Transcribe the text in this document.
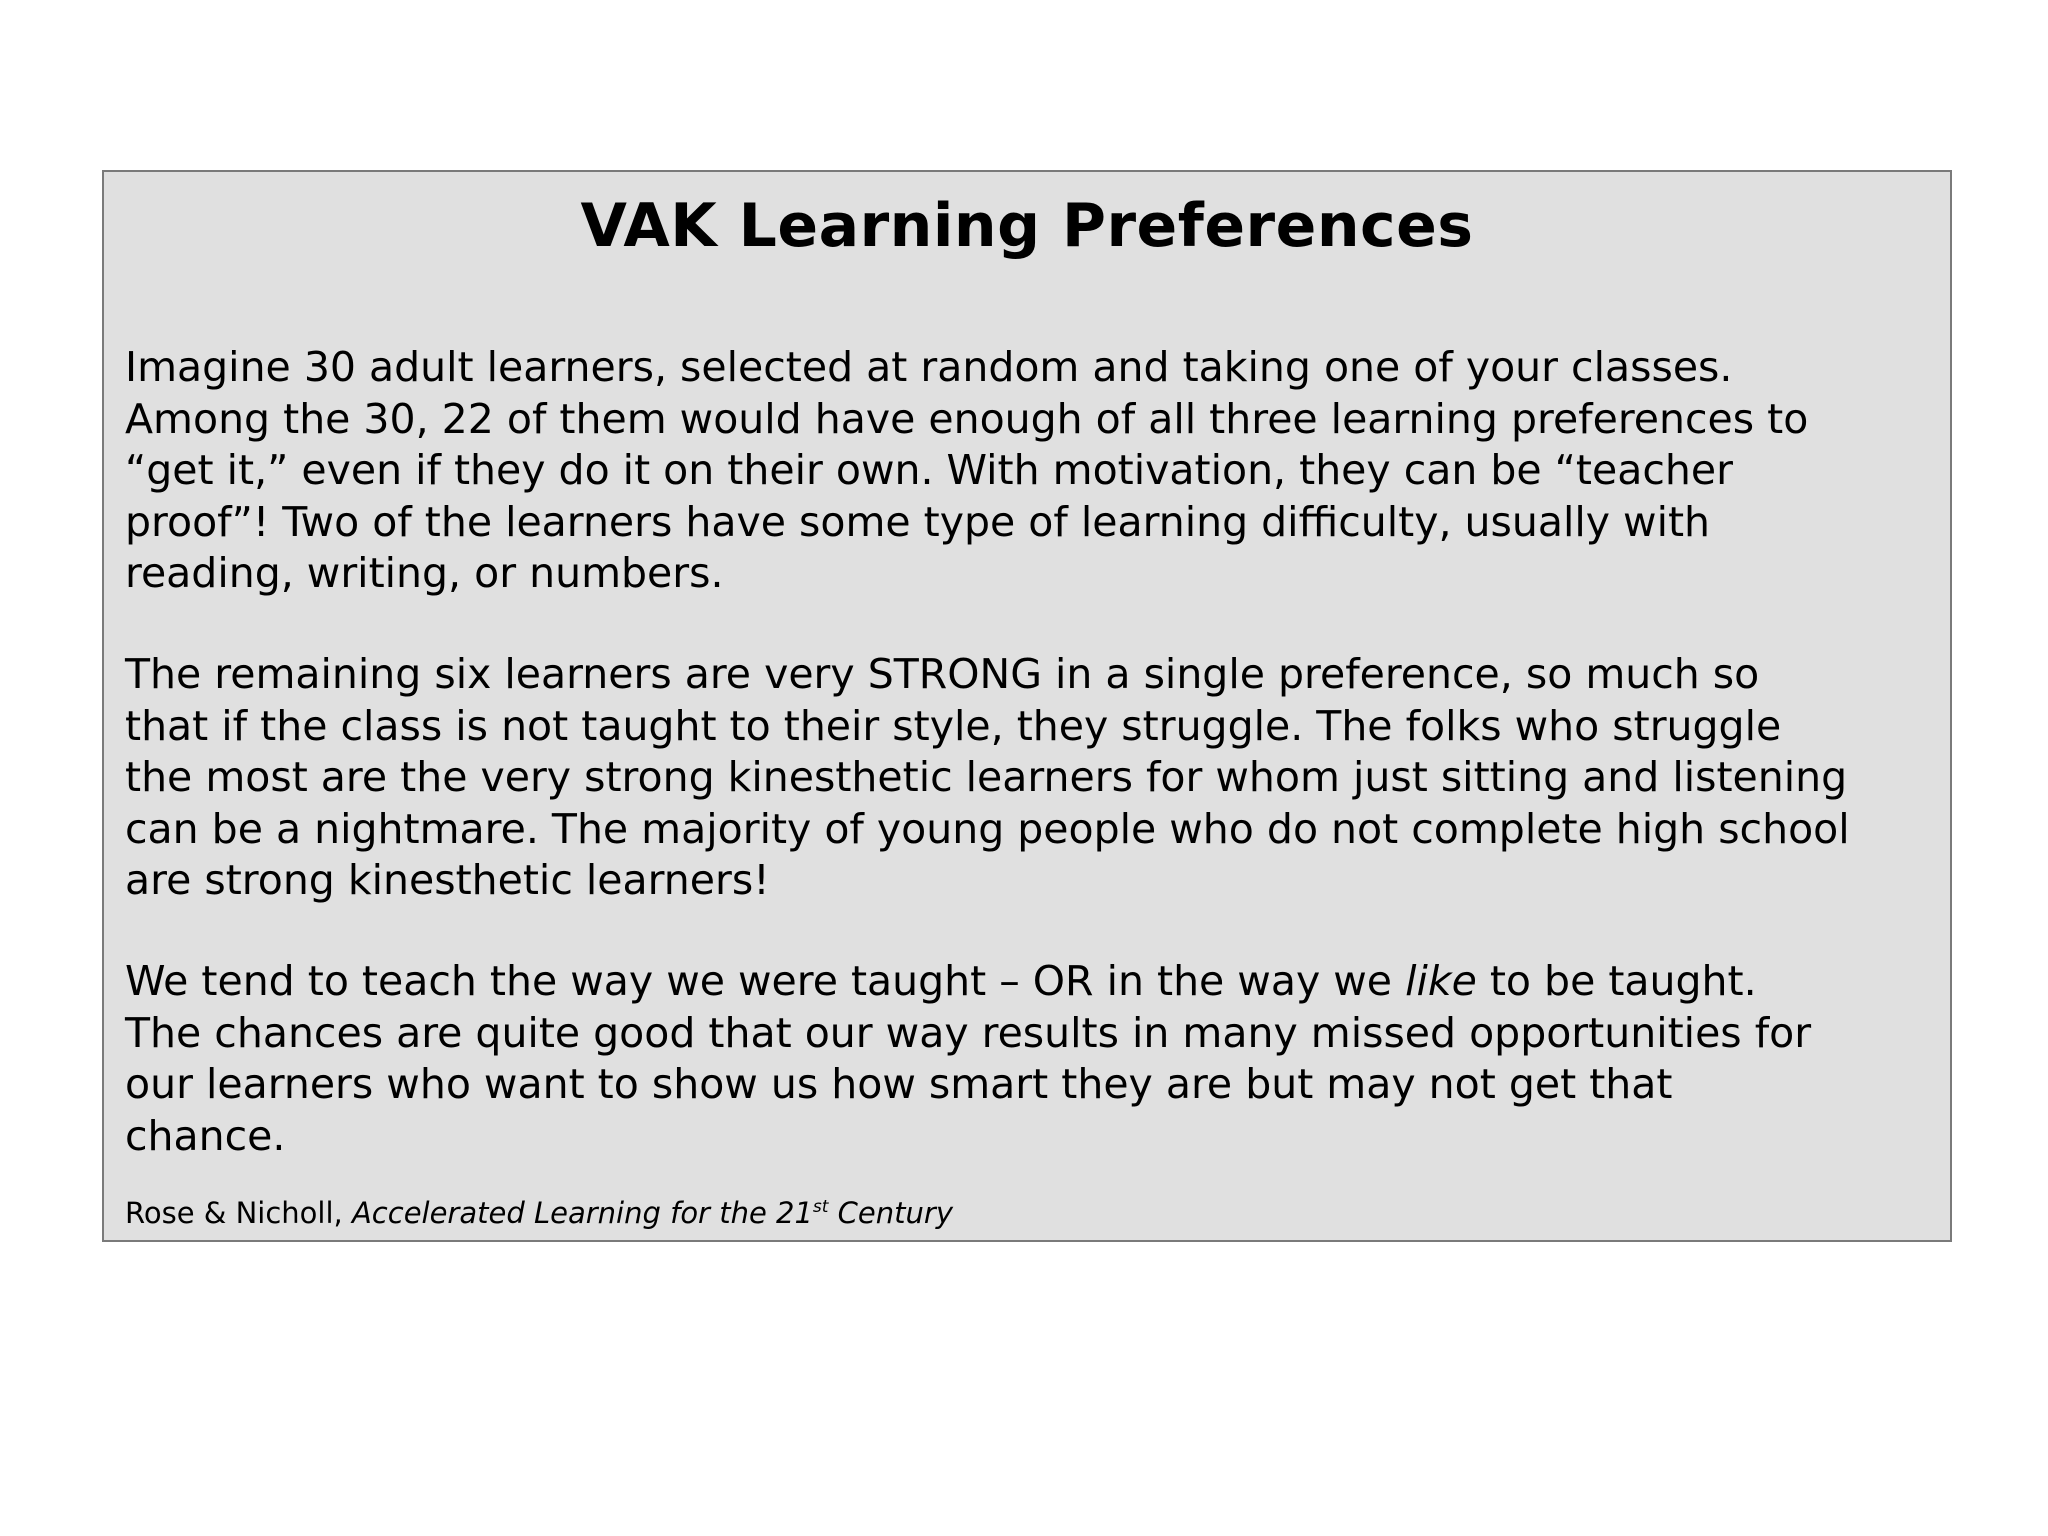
VAK Learning Preferences

Imagine 30 adult learners, selected at random and taking one of your classes.
Among the 30, 22 of them would have enough of all three learning preferences to
“get it,” even if they do it on their own. With motivation, they can be “teacher
proof”! Two of the learners have some type of learning difficulty, usually with
reading, writing, or numbers.

The remaining six learners are very STRONG in a single preference, so much so
that if the class is not taught to their style, they struggle. The folks who struggle
the most are the very strong kinesthetic learners for whom just sitting and listening
can be a nightmare. The majority of young people who do not complete high school
are strong kinesthetic learners!

We tend to teach the way we were taught – OR in the way we like to be taught.
The chances are quite good that our way results in many missed opportunities for
our learners who want to show us how smart they are but may not get that
chance.

Rose & Nicholl, Accelerated Learning for the 21st Century
